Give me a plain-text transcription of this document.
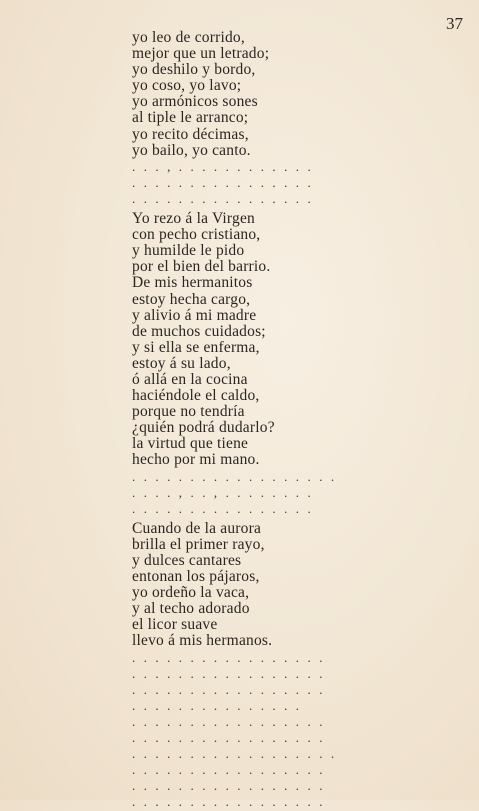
37
yo leo de corrido,
mejor que un letrado;
yo deshilo y bordo,
yo coso, yo lavo;
yo armónicos sones
al tiple le arranco;
yo recito décimas,
yo bailo, yo canto.
. . . , . . . . . . . . . . . .
. . . . . . . . . . . . . . . .
. . . . . . . . . . . . . . . .
Yo rezo á la Virgen
con pecho cristiano,
y humilde le pido
por el bien del barrio.
De mis hermanitos
estoy hecha cargo,
y alivio á mi madre
de muchos cuidados;
y si ella se enferma,
estoy á su lado,
ó allá en la cocina
haciéndole el caldo,
porque no tendría
¿quién podrá dudarlo?
la virtud que tiene
hecho por mi mano.
. . . . . . . . . . . . . . . . . .
. . . . , . . , . . . . . . . .
. . . . . . . . . . . . . . . .
Cuando de la aurora
brilla el primer rayo,
y dulces cantares
entonan los pájaros,
yo ordeño la vaca,
y al techo adorado
el licor suave
llevo á mis hermanos.
. . . . . . . . . . . . . . . . .
. . . . . . . . . . . . . . . . .
. . . . . . . . . . . . . . . . .
. . . . . . . . . . . . . . .
. . . . . . . . . . . . . . . . .
. . . . . . . . . . . . . . . . .
. . . . . . . . . . . . . . . . . .
. . . . . . . . . . . . . . . . .
. . . . . . . . . . . . . . . . .
. . . . . . . . . . . . . . . . .
